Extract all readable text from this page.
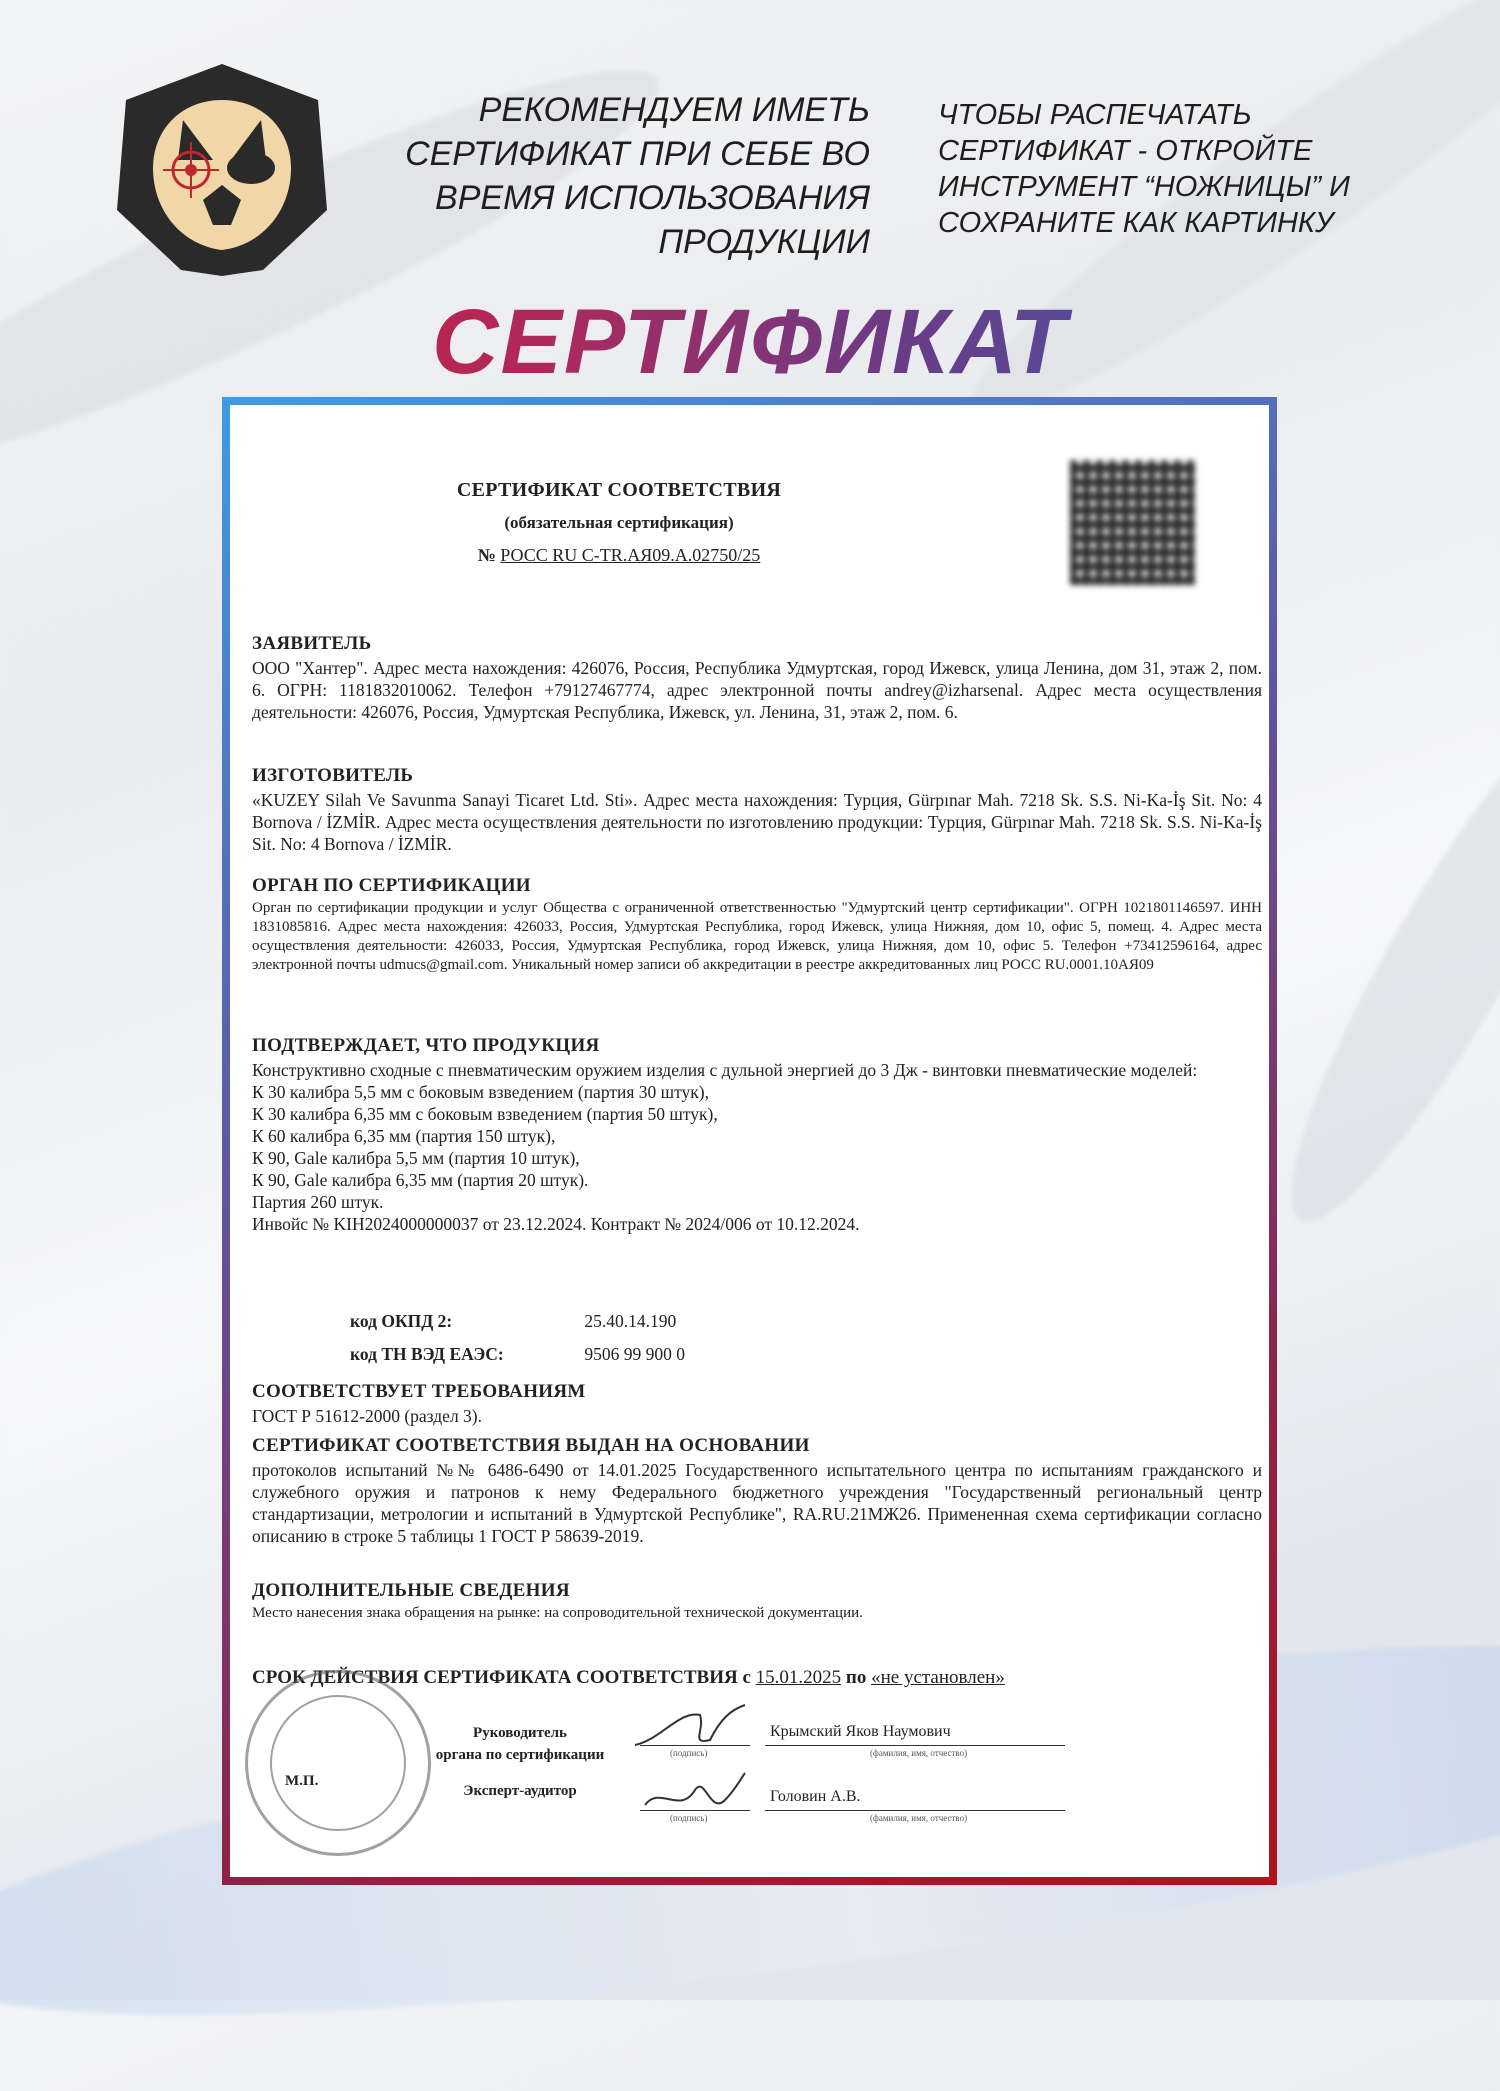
РЕКОМЕНДУЕМ ИМЕТЬ СЕРТИФИКАТ ПРИ СЕБЕ ВО ВРЕМЯ ИСПОЛЬЗОВАНИЯ ПРОДУКЦИИ
ЧТОБЫ РАСПЕЧАТАТЬ СЕРТИФИКАТ - ОТКРОЙТЕ ИНСТРУМЕНТ “НОЖНИЦЫ” И СОХРАНИТЕ КАК КАРТИНКУ
СЕРТИФИКАТ
СЕРТИФИКАТ СООТВЕТСТВИЯ
(обязательная сертификация)
№ РОСС RU С-TR.АЯ09.А.02750/25
ЗАЯВИТЕЛЬ
ООО "Хантер". Адрес места нахождения: 426076, Россия, Республика Удмуртская, город Ижевск, улица Ленина, дом 31, этаж 2, пом. 6. ОГРН: 1181832010062. Телефон +79127467774, адрес электронной почты andrey@izharsenal. Адрес места осуществления деятельности: 426076, Россия, Удмуртская Республика, Ижевск, ул. Ленина, 31, этаж 2, пом. 6.
ИЗГОТОВИТЕЛЬ
«KUZEY Silah Ve Savunma Sanayi Ticaret Ltd. Sti». Адрес места нахождения: Турция, Gürpınar Mah. 7218 Sk. S.S. Ni-Ka-İş Sit. No: 4 Bornova / İZMİR. Адрес места осуществления деятельности по изготовлению продукции: Турция, Gürpınar Mah. 7218 Sk. S.S. Ni-Ka-İş Sit. No: 4 Bornova / İZMİR.
ОРГАН ПО СЕРТИФИКАЦИИ
Орган по сертификации продукции и услуг Общества с ограниченной ответственностью "Удмуртский центр сертификации". ОГРН 1021801146597. ИНН 1831085816. Адрес места нахождения: 426033, Россия, Удмуртская Республика, город Ижевск, улица Нижняя, дом 10, офис 5, помещ. 4. Адрес места осуществления деятельности: 426033, Россия, Удмуртская Республика, город Ижевск, улица Нижняя, дом 10, офис 5. Телефон +73412596164, адрес электронной почты udmucs@gmail.com. Уникальный номер записи об аккредитации в реестре аккредитованных лиц РОСС RU.0001.10АЯ09
ПОДТВЕРЖДАЕТ, ЧТО ПРОДУКЦИЯ
Конструктивно сходные с пневматическим оружием изделия с дульной энергией до 3 Дж - винтовки пневматические моделей:
К 30 калибра 5,5 мм с боковым взведением (партия 30 штук),
К 30 калибра 6,35 мм с боковым взведением (партия 50 штук),
К 60 калибра 6,35 мм (партия 150 штук),
К 90, Gale калибра 5,5 мм (партия 10 штук),
К 90, Gale калибра 6,35 мм (партия 20 штук).
Партия 260 штук.
Инвойс № KIH2024000000037 от 23.12.2024. Контракт № 2024/006 от 10.12.2024.
код ОКПД 2:	25.40.14.190
код ТН ВЭД ЕАЭС:	9506 99 900 0
СООТВЕТСТВУЕТ ТРЕБОВАНИЯМ
ГОСТ Р 51612-2000 (раздел 3).
СЕРТИФИКАТ СООТВЕТСТВИЯ ВЫДАН НА ОСНОВАНИИ
протоколов испытаний №№ 6486-6490 от 14.01.2025 Государственного испытательного центра по испытаниям гражданского и служебного оружия и патронов к нему Федерального бюджетного учреждения "Государственный региональный центр стандартизации, метрологии и испытаний в Удмуртской Республике", RA.RU.21МЖ26. Примененная схема сертификации согласно описанию в строке 5 таблицы 1 ГОСТ Р 58639-2019.
ДОПОЛНИТЕЛЬНЫЕ СВЕДЕНИЯ
Место нанесения знака обращения на рынке: на сопроводительной технической документации.
СРОК ДЕЙСТВИЯ СЕРТИФИКАТА СООТВЕТСТВИЯ с 15.01.2025 по «не установлен»
М.П.
Руководитель
органа по сертификации
Эксперт-аудитор
(подпись)
(подпись)
Крымский Яков Наумович
(фамилия, имя, отчество)
Головин А.В.
(фамилия, имя, отчество)
